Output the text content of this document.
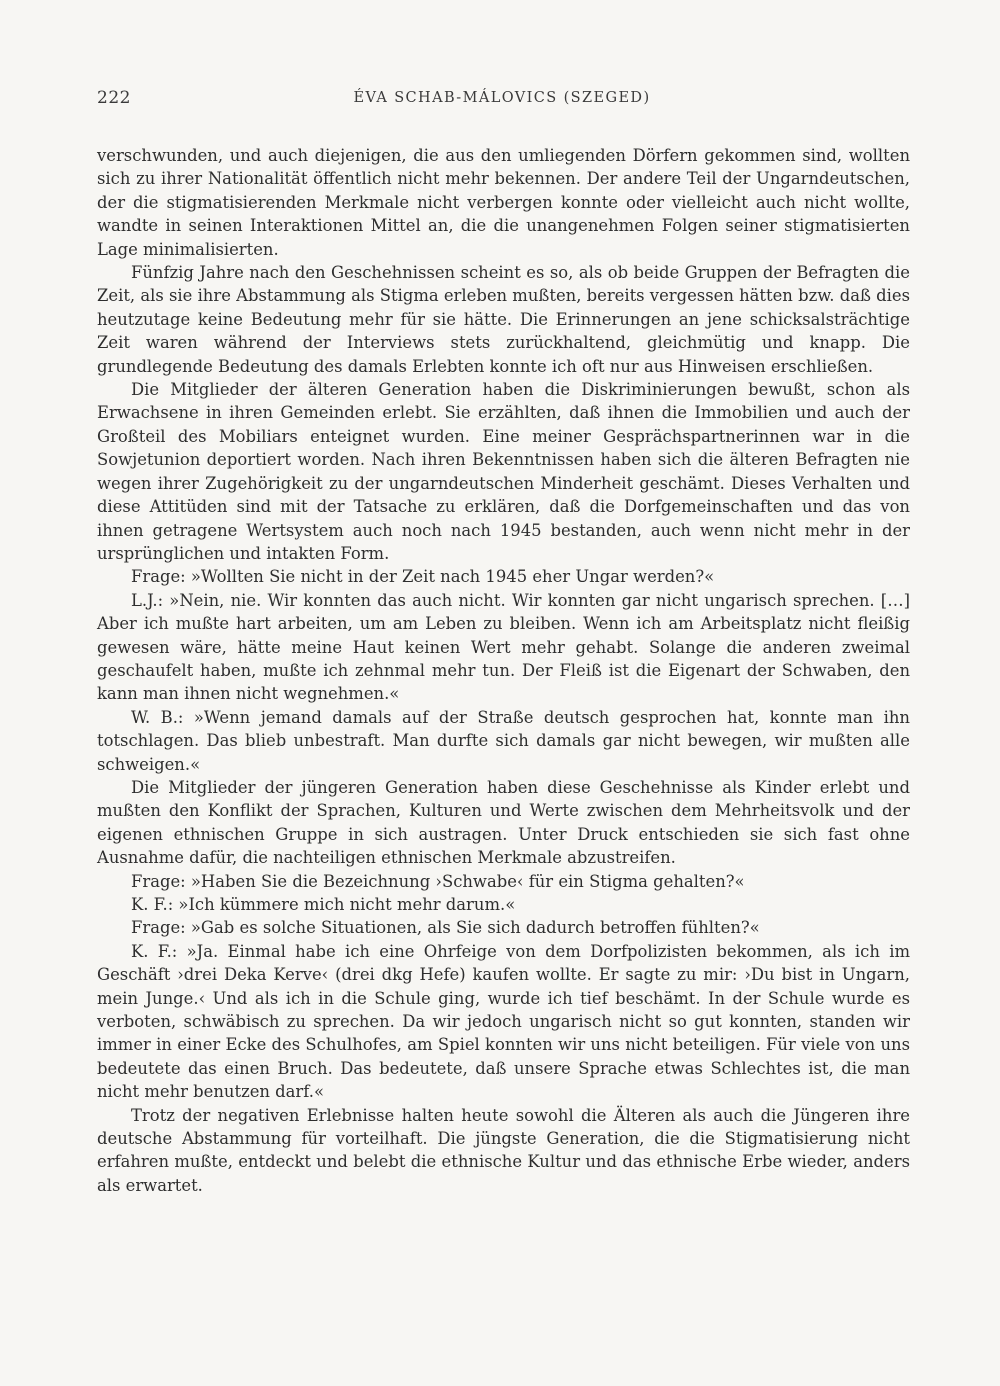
222	ÉVA SCHAB-MÁLOVICS (SZEGED)

verschwunden, und auch diejenigen, die aus den umliegenden Dörfern gekommen sind, wollten sich zu ihrer Nationalität öffentlich nicht mehr bekennen. Der andere Teil der Ungarndeutschen, der die stigmatisierenden Merkmale nicht verbergen konnte oder vielleicht auch nicht wollte, wandte in seinen Interaktionen Mittel an, die die unangenehmen Folgen seiner stigmatisierten Lage minimalisierten.

Fünfzig Jahre nach den Geschehnissen scheint es so, als ob beide Gruppen der Befragten die Zeit, als sie ihre Abstammung als Stigma erleben mußten, bereits vergessen hätten bzw. daß dies heutzutage keine Bedeutung mehr für sie hätte. Die Erinnerungen an jene schicksalsträchtige Zeit waren während der Interviews stets zurückhaltend, gleichmütig und knapp. Die grundlegende Bedeutung des damals Erlebten konnte ich oft nur aus Hinweisen erschließen.

Die Mitglieder der älteren Generation haben die Diskriminierungen bewußt, schon als Erwachsene in ihren Gemeinden erlebt. Sie erzählten, daß ihnen die Immobilien und auch der Großteil des Mobiliars enteignet wurden. Eine meiner Gesprächspartnerinnen war in die Sowjetunion deportiert worden. Nach ihren Bekenntnissen haben sich die älteren Befragten nie wegen ihrer Zugehörigkeit zu der ungarndeutschen Minderheit geschämt. Dieses Verhalten und diese Attitüden sind mit der Tatsache zu erklären, daß die Dorfgemeinschaften und das von ihnen getragene Wertsystem auch noch nach 1945 bestanden, auch wenn nicht mehr in der ursprünglichen und intakten Form.

Frage: »Wollten Sie nicht in der Zeit nach 1945 eher Ungar werden?«

L.J.: »Nein, nie. Wir konnten das auch nicht. Wir konnten gar nicht ungarisch sprechen. […] Aber ich mußte hart arbeiten, um am Leben zu bleiben. Wenn ich am Arbeitsplatz nicht fleißig gewesen wäre, hätte meine Haut keinen Wert mehr gehabt. Solange die anderen zweimal geschaufelt haben, mußte ich zehnmal mehr tun. Der Fleiß ist die Eigenart der Schwaben, den kann man ihnen nicht wegnehmen.«

W. B.: »Wenn jemand damals auf der Straße deutsch gesprochen hat, konnte man ihn totschlagen. Das blieb unbestraft. Man durfte sich damals gar nicht bewegen, wir mußten alle schweigen.«

Die Mitglieder der jüngeren Generation haben diese Geschehnisse als Kinder erlebt und mußten den Konflikt der Sprachen, Kulturen und Werte zwischen dem Mehrheitsvolk und der eigenen ethnischen Gruppe in sich austragen. Unter Druck entschieden sie sich fast ohne Ausnahme dafür, die nachteiligen ethnischen Merkmale abzustreifen.

Frage: »Haben Sie die Bezeichnung ›Schwabe‹ für ein Stigma gehalten?«

K. F.: »Ich kümmere mich nicht mehr darum.«

Frage: »Gab es solche Situationen, als Sie sich dadurch betroffen fühlten?«

K. F.: »Ja. Einmal habe ich eine Ohrfeige von dem Dorfpolizisten bekommen, als ich im Geschäft ›drei Deka Kerve‹ (drei dkg Hefe) kaufen wollte. Er sagte zu mir: ›Du bist in Ungarn, mein Junge.‹ Und als ich in die Schule ging, wurde ich tief beschämt. In der Schule wurde es verboten, schwäbisch zu sprechen. Da wir jedoch ungarisch nicht so gut konnten, standen wir immer in einer Ecke des Schulhofes, am Spiel konnten wir uns nicht beteiligen. Für viele von uns bedeutete das einen Bruch. Das bedeutete, daß unsere Sprache etwas Schlechtes ist, die man nicht mehr benutzen darf.«

Trotz der negativen Erlebnisse halten heute sowohl die Älteren als auch die Jüngeren ihre deutsche Abstammung für vorteilhaft. Die jüngste Generation, die die Stigmatisierung nicht erfahren mußte, entdeckt und belebt die ethnische Kultur und das ethnische Erbe wieder, anders als erwartet.
